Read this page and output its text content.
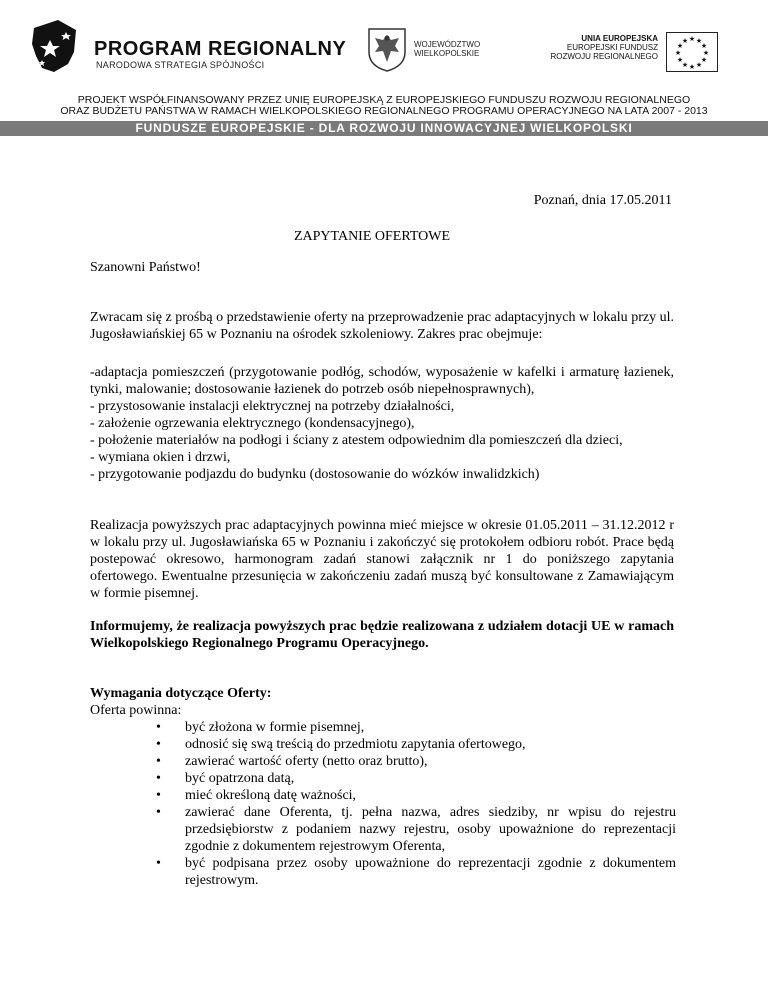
PROGRAM REGIONALNY
NARODOWA STRATEGIA SPÓJNOŚCI
WOJEWÓDZTWO
WIELKOPOLSKIE
UNIA EUROPEJSKA
EUROPEJSKI FUNDUSZ
ROZWOJU REGIONALNEGO
★ ★
★
★
★
★
★
★
★
★
★
★
PROJEKT WSPÓŁFINANSOWANY PRZEZ UNIĘ EUROPEJSKĄ Z EUROPEJSKIEGO FUNDUSZU ROZWOJU REGIONALNEGO
ORAZ BUDŻETU PAŃSTWA W RAMACH WIELKOPOLSKIEGO REGIONALNEGO PROGRAMU OPERACYJNEGO NA LATA 2007 - 2013
FUNDUSZE EUROPEJSKIE - DLA ROZWOJU INNOWACYJNEJ WIELKOPOLSKI
Poznań, dnia 17.05.2011
ZAPYTANIE OFERTOWE
Szanowni Państwo!
Zwracam się z prośbą o przedstawienie oferty na przeprowadzenie prac adaptacyjnych w lokalu przy ul. Jugosławiańskiej 65 w Poznaniu na ośrodek szkoleniowy. Zakres prac obejmuje:
-adaptacja pomieszczeń (przygotowanie podłóg, schodów, wyposażenie w kafelki i armaturę łazienek, tynki, malowanie; dostosowanie łazienek do potrzeb osób niepełnosprawnych),
- przystosowanie instalacji elektrycznej na potrzeby działalności,
- założenie ogrzewania elektrycznego (kondensacyjnego),
- położenie materiałów na podłogi i ściany z atestem odpowiednim dla pomieszczeń dla dzieci,
- wymiana okien i drzwi,
- przygotowanie podjazdu do budynku (dostosowanie do wózków inwalidzkich)
Realizacja powyższych prac adaptacyjnych powinna mieć miejsce w okresie 01.05.2011 – 31.12.2012 r w lokalu przy ul. Jugosławiańska 65 w Poznaniu i zakończyć się protokołem odbioru robót. Prace będą postepować okresowo, harmonogram zadań stanowi załącznik nr 1 do poniższego zapytania ofertowego. Ewentualne przesunięcia w zakończeniu zadań muszą być konsultowane z Zamawiającym w formie pisemnej.
Informujemy, że realizacja powyższych prac będzie realizowana z udziałem dotacji UE w ramach Wielkopolskiego Regionalnego Programu Operacyjnego.
Wymagania dotyczące Oferty:
Oferta powinna:
• być złożona w formie pisemnej,
• odnosić się swą treścią do przedmiotu zapytania ofertowego,
• zawierać wartość oferty (netto oraz brutto),
• być opatrzona datą,
• mieć określoną datę ważności,
• zawierać dane Oferenta, tj. pełna nazwa, adres siedziby, nr wpisu do rejestru przedsiębiorstw z podaniem nazwy rejestru, osoby upoważnione do reprezentacji zgodnie z dokumentem rejestrowym Oferenta,
• być podpisana przez osoby upoważnione do reprezentacji zgodnie z dokumentem rejestrowym.
